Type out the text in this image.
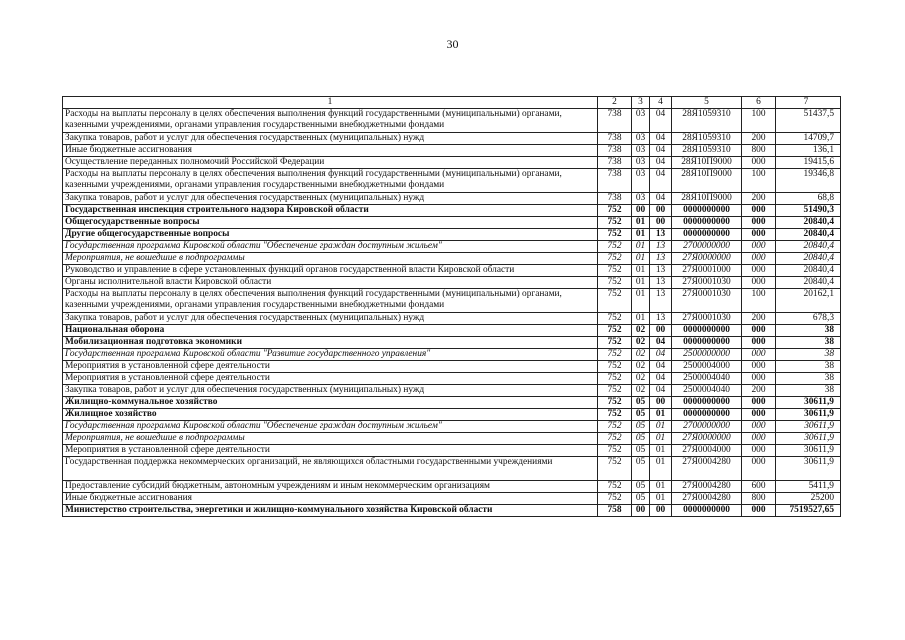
30
1	2	3	4	5	6	7
Расходы на выплаты персоналу в целях обеспечения выполнения функций государственными (муниципальными) органами, казенными учреждениями, органами управления государственными внебюджетными фондами	738	03	04	28Я1059310	100	51437,5
Закупка товаров, работ и услуг для обеспечения государственных (муниципальных) нужд	738	03	04	28Я1059310	200	14709,7
Иные бюджетные ассигнования	738	03	04	28Я1059310	800	136,1
Осуществление переданных полномочий Российской Федерации	738	03	04	28Я10П9000	000	19415,6
Расходы на выплаты персоналу в целях обеспечения выполнения функций государственными (муниципальными) органами, казенными учреждениями, органами управления государственными внебюджетными фондами	738	03	04	28Я10П9000	100	19346,8
Закупка товаров, работ и услуг для обеспечения государственных (муниципальных) нужд	738	03	04	28Я10П9000	200	68,8
Государственная инспекция строительного надзора Кировской области	752	00	00	0000000000	000	51490,3
Общегосударственные вопросы	752	01	00	0000000000	000	20840,4
Другие общегосударственные вопросы	752	01	13	0000000000	000	20840,4
Государственная программа Кировской области "Обеспечение граждан доступным жильем"	752	01	13	2700000000	000	20840,4
Мероприятия, не вошедшие в подпрограммы	752	01	13	27Я0000000	000	20840,4
Руководство и управление в сфере установленных функций органов государственной власти Кировской области	752	01	13	27Я0001000	000	20840,4
Органы исполнительной власти Кировской области	752	01	13	27Я0001030	000	20840,4
Расходы на выплаты персоналу в целях обеспечения выполнения функций государственными (муниципальными) органами, казенными учреждениями, органами управления государственными внебюджетными фондами	752	01	13	27Я0001030	100	20162,1
Закупка товаров, работ и услуг для обеспечения государственных (муниципальных) нужд	752	01	13	27Я0001030	200	678,3
Национальная оборона	752	02	00	0000000000	000	38
Мобилизационная подготовка экономики	752	02	04	0000000000	000	38
Государственная программа Кировской области "Развитие государственного управления"	752	02	04	2500000000	000	38
Мероприятия в установленной сфере деятельности	752	02	04	2500004000	000	38
Мероприятия в установленной сфере деятельности	752	02	04	2500004040	000	38
Закупка товаров, работ и услуг для обеспечения государственных (муниципальных) нужд	752	02	04	2500004040	200	38
Жилищно-коммунальное хозяйство	752	05	00	0000000000	000	30611,9
Жилищное хозяйство	752	05	01	0000000000	000	30611,9
Государственная программа Кировской области "Обеспечение граждан доступным жильем"	752	05	01	2700000000	000	30611,9
Мероприятия, не вошедшие в подпрограммы	752	05	01	27Я0000000	000	30611,9
Мероприятия в установленной сфере деятельности	752	05	01	27Я0004000	000	30611,9
Государственная поддержка некоммерческих организаций, не являющихся областными государственными учреждениями	752	05	01	27Я0004280	000	30611,9
Предоставление субсидий бюджетным, автономным учреждениям и иным некоммерческим организациям	752	05	01	27Я0004280	600	5411,9
Иные бюджетные ассигнования	752	05	01	27Я0004280	800	25200
Министерство строительства, энергетики и жилищно-коммунального хозяйства Кировской области	758	00	00	0000000000	000	7519527,65
